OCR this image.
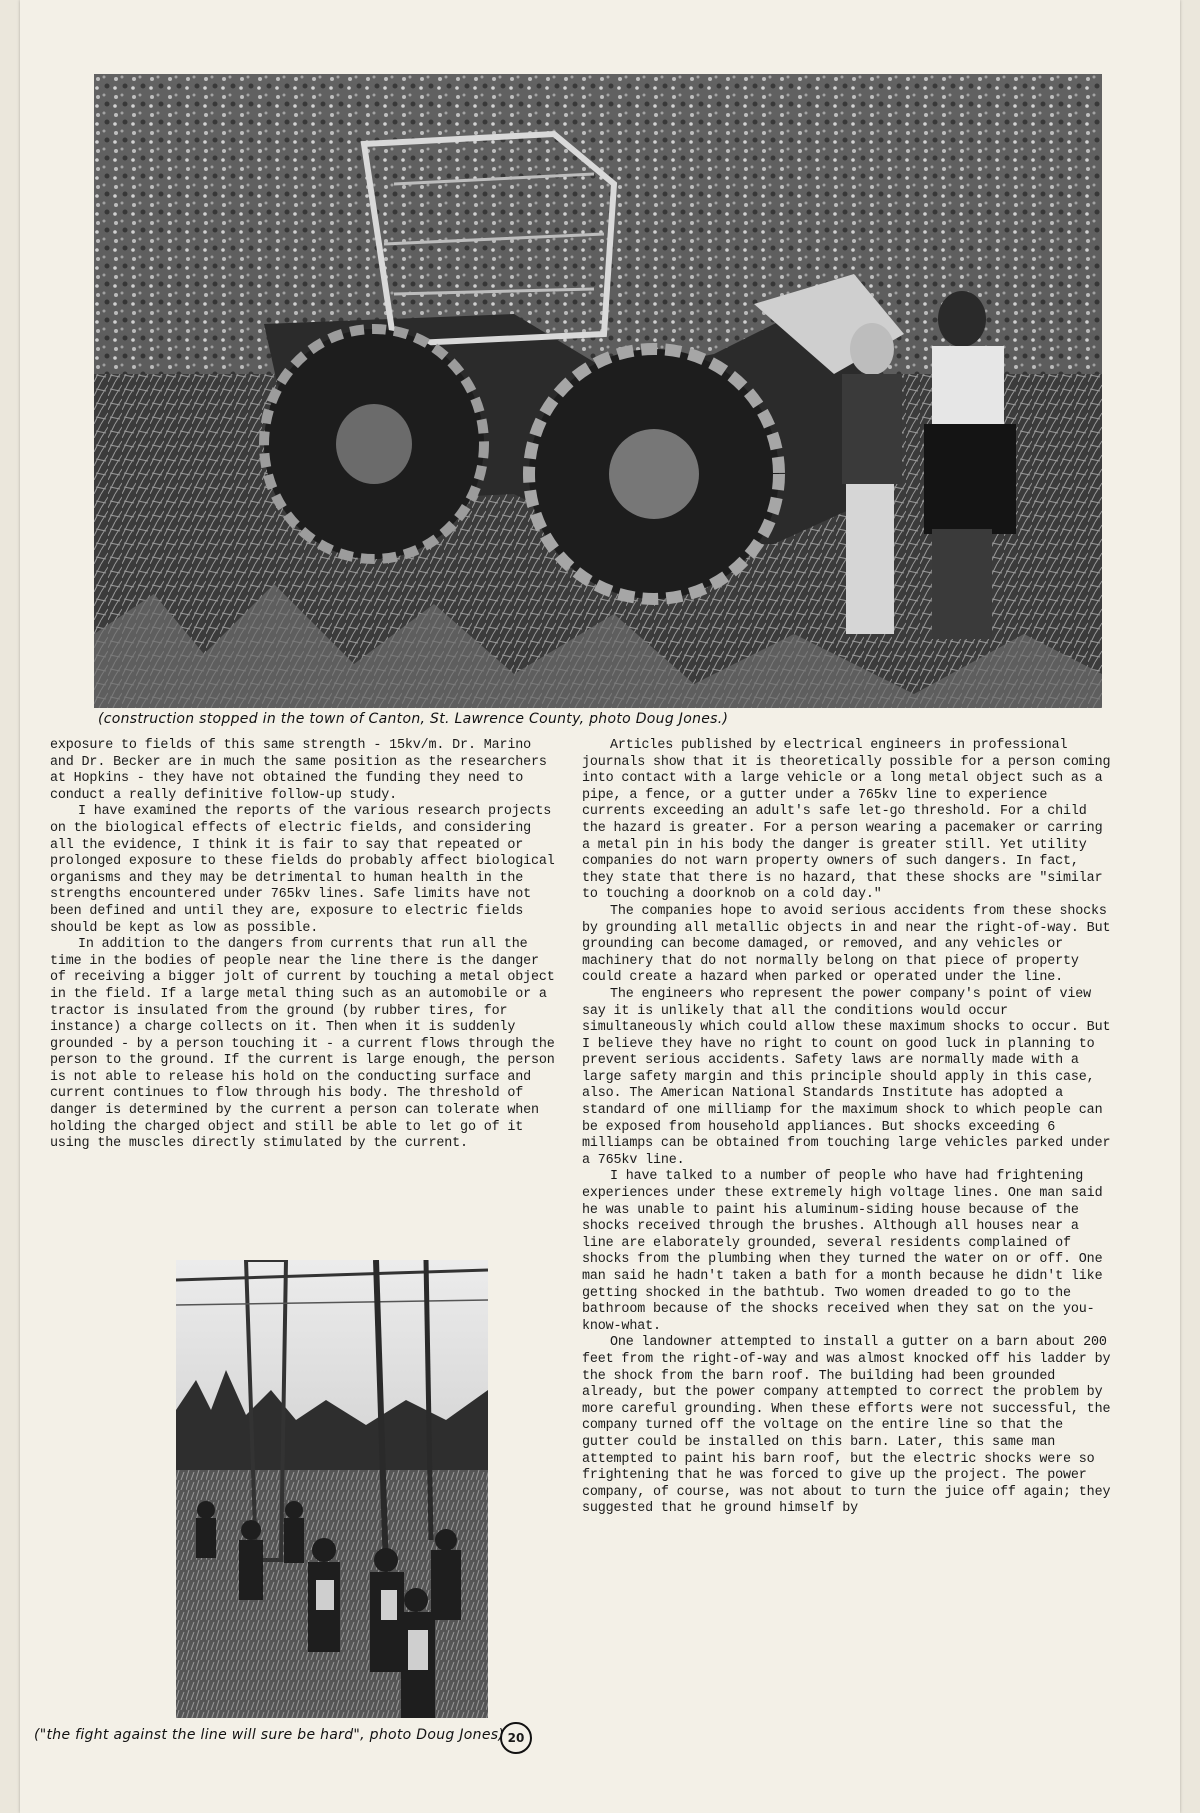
(construction stopped in the town of Canton, St. Lawrence County, photo Doug Jones.)

exposure to fields of this same strength - 15kv/m. Dr. Marino and Dr. Becker are in much the same position as the researchers at Hopkins - they have not obtained the funding they need to conduct a really definitive follow-up study.

I have examined the reports of the various research projects on the biological effects of electric fields, and considering all the evidence, I think it is fair to say that repeated or prolonged exposure to these fields do probably affect biological organisms and they may be detrimental to human health in the strengths encountered under 765kv lines. Safe limits have not been defined and until they are, exposure to electric fields should be kept as low as possible.

In addition to the dangers from currents that run all the time in the bodies of people near the line there is the danger of receiving a bigger jolt of current by touching a metal object in the field. If a large metal thing such as an automobile or a tractor is insulated from the ground (by rubber tires, for instance) a charge collects on it. Then when it is suddenly grounded - by a person touching it - a current flows through the person to the ground. If the current is large enough, the person is not able to release his hold on the conducting surface and current continues to flow through his body. The threshold of danger is determined by the current a person can tolerate when holding the charged object and still be able to let go of it using the muscles directly stimulated by the current.

Articles published by electrical engineers in professional journals show that it is theoretically possible for a person coming into contact with a large vehicle or a long metal object such as a pipe, a fence, or a gutter under a 765kv line to experience currents exceeding an adult's safe let-go threshold. For a child the hazard is greater. For a person wearing a pacemaker or carring a metal pin in his body the danger is greater still. Yet utility companies do not warn property owners of such dangers. In fact, they state that there is no hazard, that these shocks are "similar to touching a doorknob on a cold day."

The companies hope to avoid serious accidents from these shocks by grounding all metallic objects in and near the right-of-way. But grounding can become damaged, or removed, and any vehicles or machinery that do not normally belong on that piece of property could create a hazard when parked or operated under the line.

The engineers who represent the power company's point of view say it is unlikely that all the conditions would occur simultaneously which could allow these maximum shocks to occur. But I believe they have no right to count on good luck in planning to prevent serious accidents. Safety laws are normally made with a large safety margin and this principle should apply in this case, also. The American National Standards Institute has adopted a standard of one milliamp for the maximum shock to which people can be exposed from household appliances. But shocks exceeding 6 milliamps can be obtained from touching large vehicles parked under a 765kv line.

I have talked to a number of people who have had frightening experiences under these extremely high voltage lines. One man said he was unable to paint his aluminum-siding house because of the shocks received through the brushes. Although all houses near a line are elaborately grounded, several residents complained of shocks from the plumbing when they turned the water on or off. One man said he hadn't taken a bath for a month because he didn't like getting shocked in the bathtub. Two women dreaded to go to the bathroom because of the shocks received when they sat on the you-know-what.

One landowner attempted to install a gutter on a barn about 200 feet from the right-of-way and was almost knocked off his ladder by the shock from the barn roof. The building had been grounded already, but the power company attempted to correct the problem by more careful grounding. When these efforts were not successful, the company turned off the voltage on the entire line so that the gutter could be installed on this barn. Later, this same man attempted to paint his barn roof, but the electric shocks were so frightening that he was forced to give up the project. The power company, of course, was not about to turn the juice off again; they suggested that he ground himself by

("the fight against the line will sure be hard", photo Doug Jones) 20
